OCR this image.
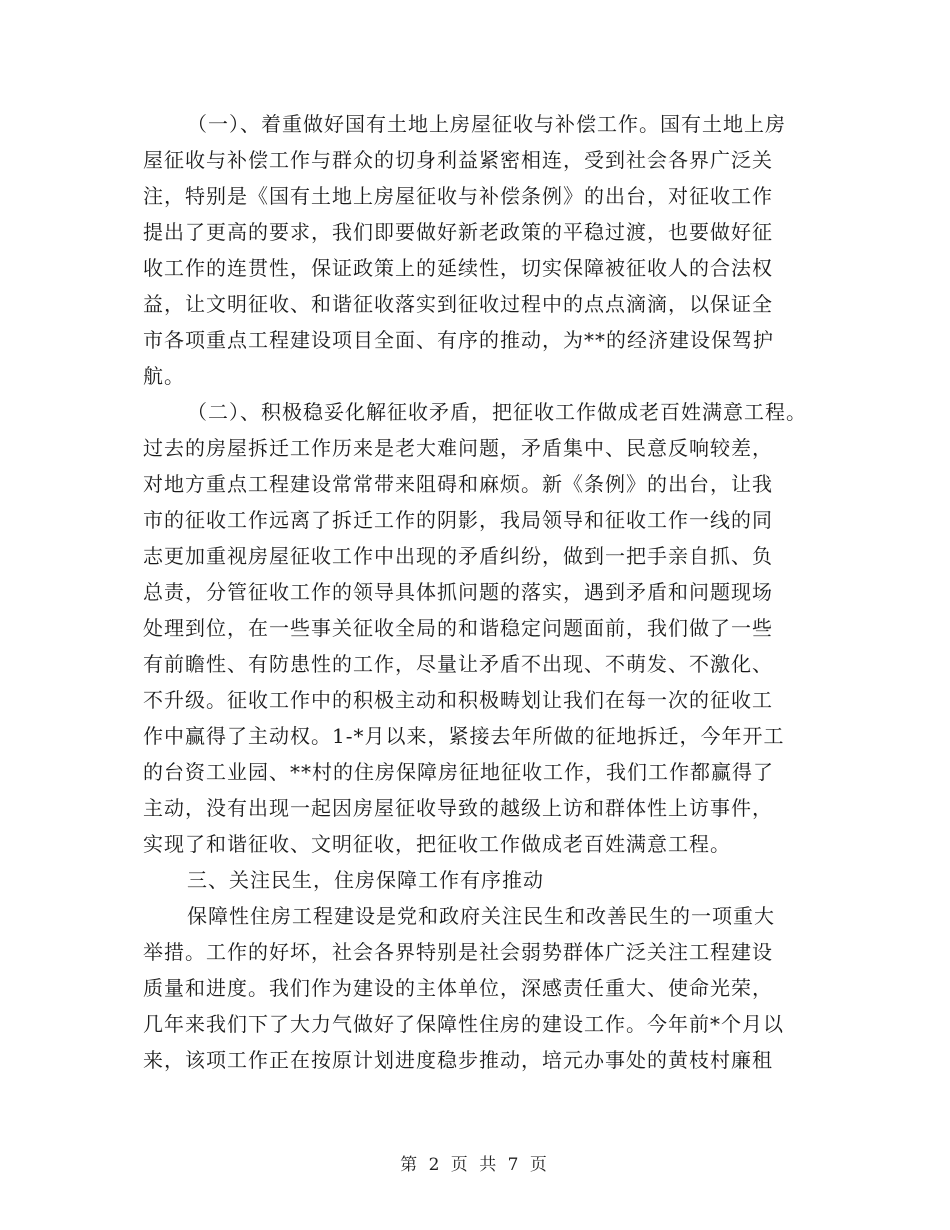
（一）、着重做好国有土地上房屋征收与补偿工作。国有土地上房
屋征收与补偿工作与群众的切身利益紧密相连，受到社会各界广泛关
注，特别是《国有土地上房屋征收与补偿条例》的出台，对征收工作
提出了更高的要求，我们即要做好新老政策的平稳过渡，也要做好征
收工作的连贯性，保证政策上的延续性，切实保障被征收人的合法权
益，让文明征收、和谐征收落实到征收过程中的点点滴滴，以保证全
市各项重点工程建设项目全面、有序的推动，为**的经济建设保驾护
航。
（二）、积极稳妥化解征收矛盾，把征收工作做成老百姓满意工程。
过去的房屋拆迁工作历来是老大难问题，矛盾集中、民意反响较差，
对地方重点工程建设常常带来阻碍和麻烦。新《条例》的出台，让我
市的征收工作远离了拆迁工作的阴影，我局领导和征收工作一线的同
志更加重视房屋征收工作中出现的矛盾纠纷，做到一把手亲自抓、负
总责，分管征收工作的领导具体抓问题的落实，遇到矛盾和问题现场
处理到位，在一些事关征收全局的和谐稳定问题面前，我们做了一些
有前瞻性、有防患性的工作，尽量让矛盾不出现、不萌发、不激化、
不升级。征收工作中的积极主动和积极畴划让我们在每一次的征收工
作中赢得了主动权。1-*月以来，紧接去年所做的征地拆迁，今年开工
的台资工业园、**村的住房保障房征地征收工作，我们工作都赢得了
主动，没有出现一起因房屋征收导致的越级上访和群体性上访事件，
实现了和谐征收、文明征收，把征收工作做成老百姓满意工程。
三、关注民生，住房保障工作有序推动
保障性住房工程建设是党和政府关注民生和改善民生的一项重大
举措。工作的好坏，社会各界特别是社会弱势群体广泛关注工程建设
质量和进度。我们作为建设的主体单位，深感责任重大、使命光荣，
几年来我们下了大力气做好了保障性住房的建设工作。今年前*个月以
来，该项工作正在按原计划进度稳步推动，培元办事处的黄枝村廉租
第 2 页 共 7 页
